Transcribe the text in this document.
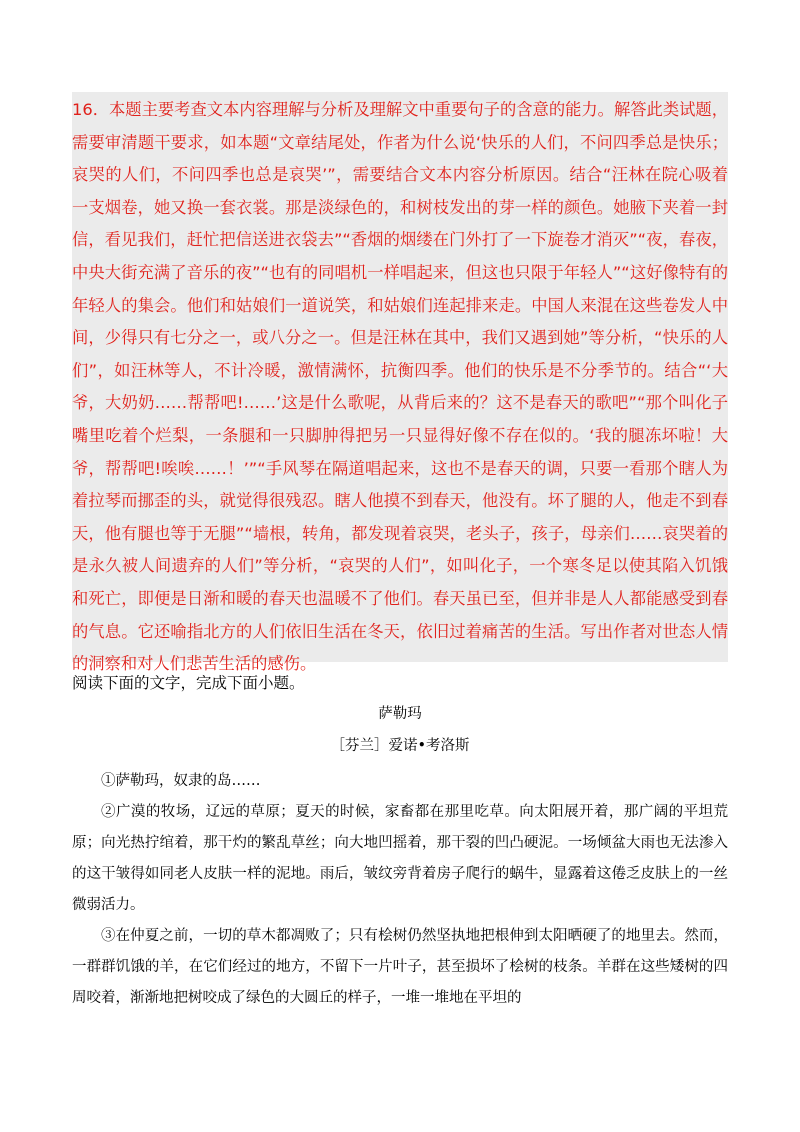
16．本题主要考查文本内容理解与分析及理解文中重要句子的含意的能力。解答此类试题，需要审清题干要求，如本题“文章结尾处，作者为什么说‘快乐的人们，不问四季总是快乐；哀哭的人们，不问四季也总是哀哭’”，需要结合文本内容分析原因。结合“汪林在院心吸着一支烟卷，她又换一套衣裳。那是淡绿色的，和树枝发出的芽一样的颜色。她腋下夹着一封信，看见我们，赶忙把信送进衣袋去”“香烟的烟缕在门外打了一下旋卷才消灭”“夜，春夜，中央大街充满了音乐的夜”“也有的同唱机一样唱起来，但这也只限于年轻人”“这好像特有的年轻人的集会。他们和姑娘们一道说笑，和姑娘们连起排来走。中国人来混在这些卷发人中间，少得只有七分之一，或八分之一。但是汪林在其中，我们又遇到她”等分析，“快乐的人们”，如汪林等人，不计冷暖，激情满怀，抗衡四季。他们的快乐是不分季节的。结合“‘大爷，大奶奶……帮帮吧!……’这是什么歌呢，从背后来的？这不是春天的歌吧”“那个叫化子嘴里吃着个烂梨，一条腿和一只脚肿得把另一只显得好像不存在似的。‘我的腿冻坏啦！大爷，帮帮吧!唉唉……！’”“手风琴在隔道唱起来，这也不是春天的调，只要一看那个瞎人为着拉琴而挪歪的头，就觉得很残忍。瞎人他摸不到春天，他没有。坏了腿的人，他走不到春天，他有腿也等于无腿”“墙根，转角，都发现着哀哭，老头子，孩子，母亲们……哀哭着的是永久被人间遗弃的人们”等分析，“哀哭的人们”，如叫化子，一个寒冬足以使其陷入饥饿和死亡，即便是日渐和暖的春天也温暖不了他们。春天虽已至，但并非是人人都能感受到春的气息。它还喻指北方的人们依旧生活在冬天，依旧过着痛苦的生活。写出作者对世态人情的洞察和对人们悲苦生活的感伤。

阅读下面的文字，完成下面小题。

萨勒玛

［芬兰］爱诺•考洛斯

①萨勒玛，奴隶的岛……

②广漠的牧场，辽远的草原；夏天的时候，家畜都在那里吃草。向太阳展开着，那广阔的平坦荒原；向光热拧绾着，那干灼的繁乱草丝；向大地凹摇着，那干裂的凹凸硬泥。一场倾盆大雨也无法渗入的这干皱得如同老人皮肤一样的泥地。雨后，皱纹旁背着房子爬行的蜗牛，显露着这倦乏皮肤上的一丝微弱活力。

③在仲夏之前，一切的草木都凋败了；只有桧树仍然坚执地把根伸到太阳晒硬了的地里去。然而，一群群饥饿的羊，在它们经过的地方，不留下一片叶子，甚至损坏了桧树的枝条。羊群在这些矮树的四周咬着，渐渐地把树咬成了绿色的大圆丘的样子，一堆一堆地在平坦的
